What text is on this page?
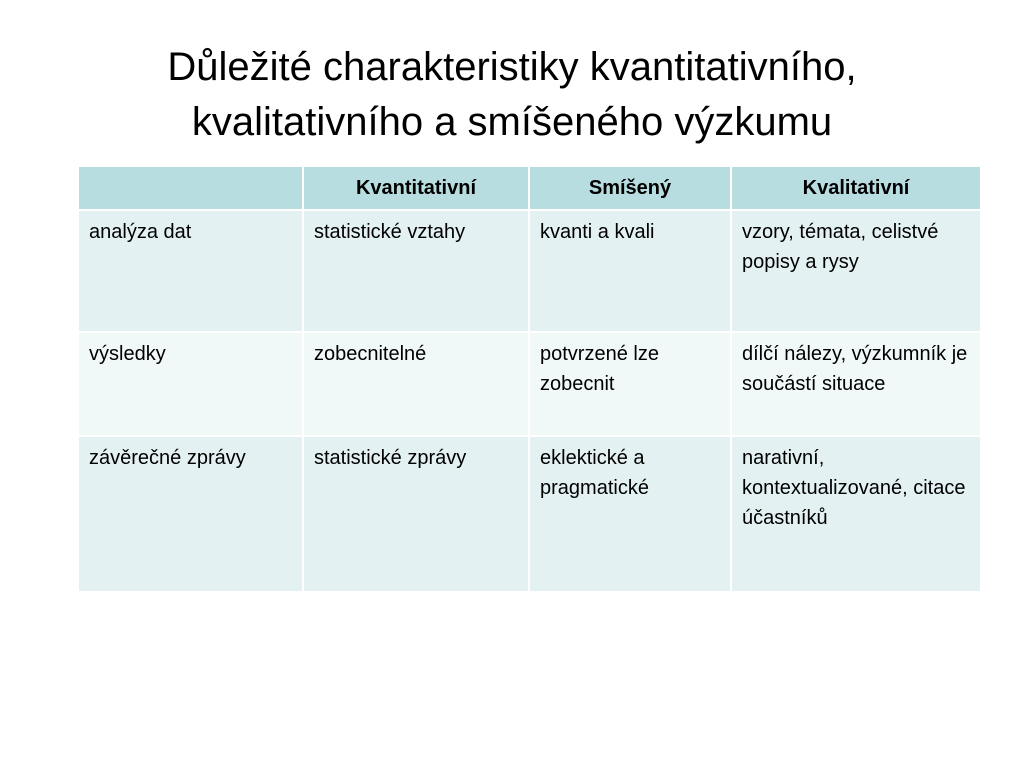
Důležité charakteristiky kvantitativního,
kvalitativního a smíšeného výzkumu
	Kvantitativní	Smíšený	Kvalitativní
analýza dat	statistické vztahy	kvanti a kvali	vzory, témata, celistvé popisy a rysy
výsledky	zobecnitelné	potvrzené lze zobecnit	dílčí nálezy, výzkumník je součástí situace
závěrečné zprávy	statistické zprávy	eklektické a pragmatické	narativní, kontextualizované, citace účastníků
